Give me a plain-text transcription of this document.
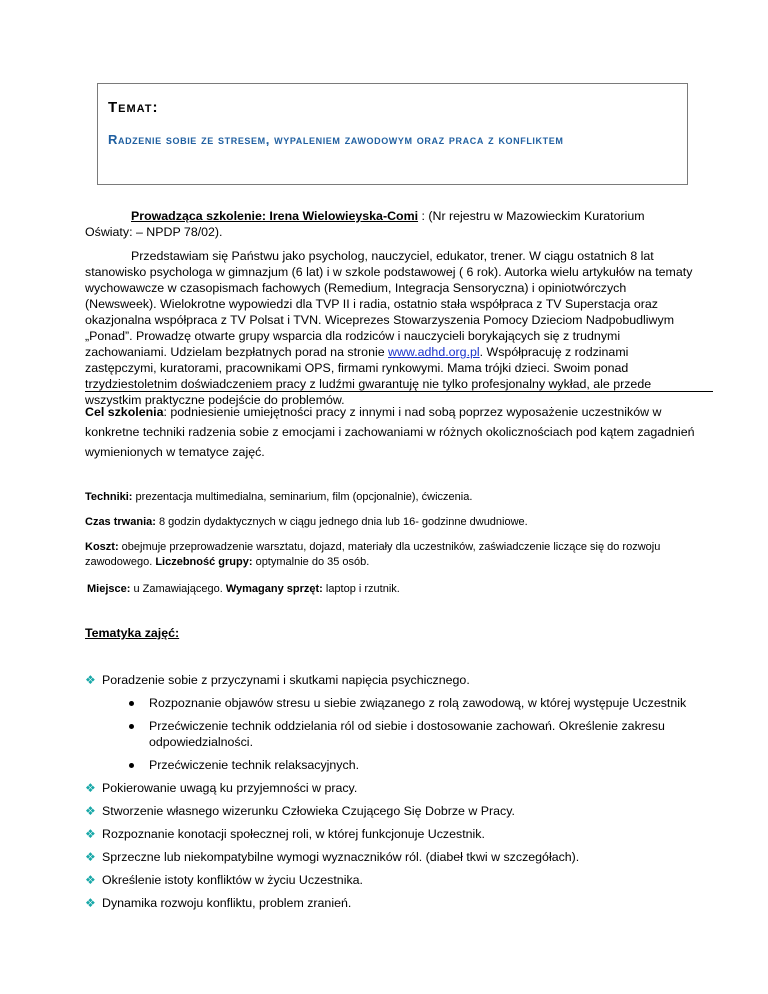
Temat:
Radzenie sobie ze stresem, wypaleniem zawodowym oraz praca z konfliktem
Prowadząca szkolenie: Irena Wielowieyska-Comi : (Nr rejestru w Mazowieckim Kuratorium Oświaty: – NPDP 78/02).
Przedstawiam się Państwu jako psycholog, nauczyciel, edukator, trener. W ciągu ostatnich 8 lat stanowisko psychologa w gimnazjum (6 lat) i w szkole podstawowej ( 6 rok). Autorka wielu artykułów na tematy wychowawcze w czasopismach fachowych (Remedium, Integracja Sensoryczna) i opiniotwórczych (Newsweek). Wielokrotne wypowiedzi dla TVP II i radia, ostatnio stała współpraca z TV Superstacja oraz okazjonalna współpraca z TV Polsat i TVN. Wiceprezes Stowarzyszenia Pomocy Dzieciom Nadpobudliwym „Ponad”. Prowadzę otwarte grupy wsparcia dla rodziców i nauczycieli borykających się z trudnymi zachowaniami. Udzielam bezpłatnych porad na stronie www.adhd.org.pl. Współpracuję z rodzinami zastępczymi, kuratorami, pracownikami OPS, firmami rynkowymi. Mama trójki dzieci. Swoim ponad trzydziestoletnim doświadczeniem pracy z ludźmi gwarantuję nie tylko profesjonalny wykład, ale przede wszystkim praktyczne podejście do problemów.
Cel szkolenia: podniesienie umiejętności pracy z innymi i nad sobą poprzez wyposażenie uczestników w konkretne techniki radzenia sobie z emocjami i zachowaniami w różnych okolicznościach pod kątem zagadnień wymienionych w tematyce zajęć.
Techniki: prezentacja multimedialna, seminarium, film (opcjonalnie), ćwiczenia.
Czas trwania: 8 godzin dydaktycznych w ciągu jednego dnia lub 16- godzinne dwudniowe.
Koszt: obejmuje przeprowadzenie warsztatu, dojazd, materiały dla uczestników, zaświadczenie liczące się do rozwoju zawodowego. Liczebność grupy: optymalnie do 35 osób.
Miejsce: u Zamawiającego. Wymagany sprzęt: laptop i rzutnik.
Tematyka zajęć:
❖ Poradzenie sobie z przyczynami i skutkami napięcia psychicznego.
Rozpoznanie objawów stresu u siebie związanego z rolą zawodową, w której występuje Uczestnik
Przećwiczenie technik oddzielania ról od siebie i dostosowanie zachowań. Określenie zakresu odpowiedzialności.
Przećwiczenie technik relaksacyjnych.
❖ Pokierowanie uwagą ku przyjemności w pracy.
❖ Stworzenie własnego wizerunku Człowieka Czującego Się Dobrze w Pracy.
❖ Rozpoznanie konotacji społecznej roli, w której funkcjonuje Uczestnik.
❖ Sprzeczne lub niekompatybilne wymogi wyznaczników ról. (diabeł tkwi w szczegółach).
❖ Określenie istoty konfliktów w życiu Uczestnika.
❖ Dynamika rozwoju konfliktu, problem zranień.
